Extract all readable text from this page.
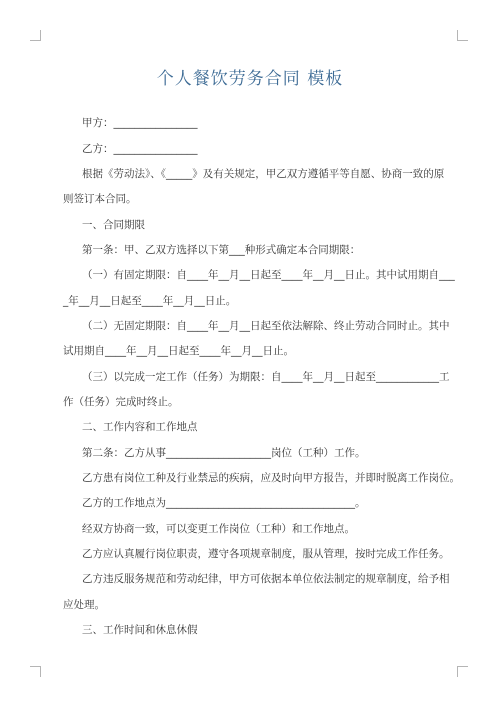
个人餐饮劳务合同 模板
甲方：________________
乙方：________________
根据《劳动法》、《_____》及有关规定，甲乙双方遵循平等自愿、协商一致的原
则签订本合同。
一、合同期限
第一条：甲、乙双方选择以下第___种形式确定本合同期限：
（一）有固定期限：自____年__月__日起至____年__月__日止。其中试用期自___
_年__月__日起至____年__月__日止。
（二）无固定期限：自____年__月__日起至依法解除、终止劳动合同时止。其中
试用期自____年__月__日起至____年__月__日止。
（三）以完成一定工作（任务）为期限：自____年__月__日起至____________工
作（任务）完成时终止。
二、工作内容和工作地点
第二条：乙方从事____________________岗位（工种）工作。
乙方患有岗位工种及行业禁忌的疾病，应及时向甲方报告，并即时脱离工作岗位。
乙方的工作地点为____________________________________。
经双方协商一致，可以变更工作岗位（工种）和工作地点。
乙方应认真履行岗位职责，遵守各项规章制度，服从管理，按时完成工作任务。
乙方违反服务规范和劳动纪律，甲方可依据本单位依法制定的规章制度，给予相
应处理。
三、工作时间和休息休假
